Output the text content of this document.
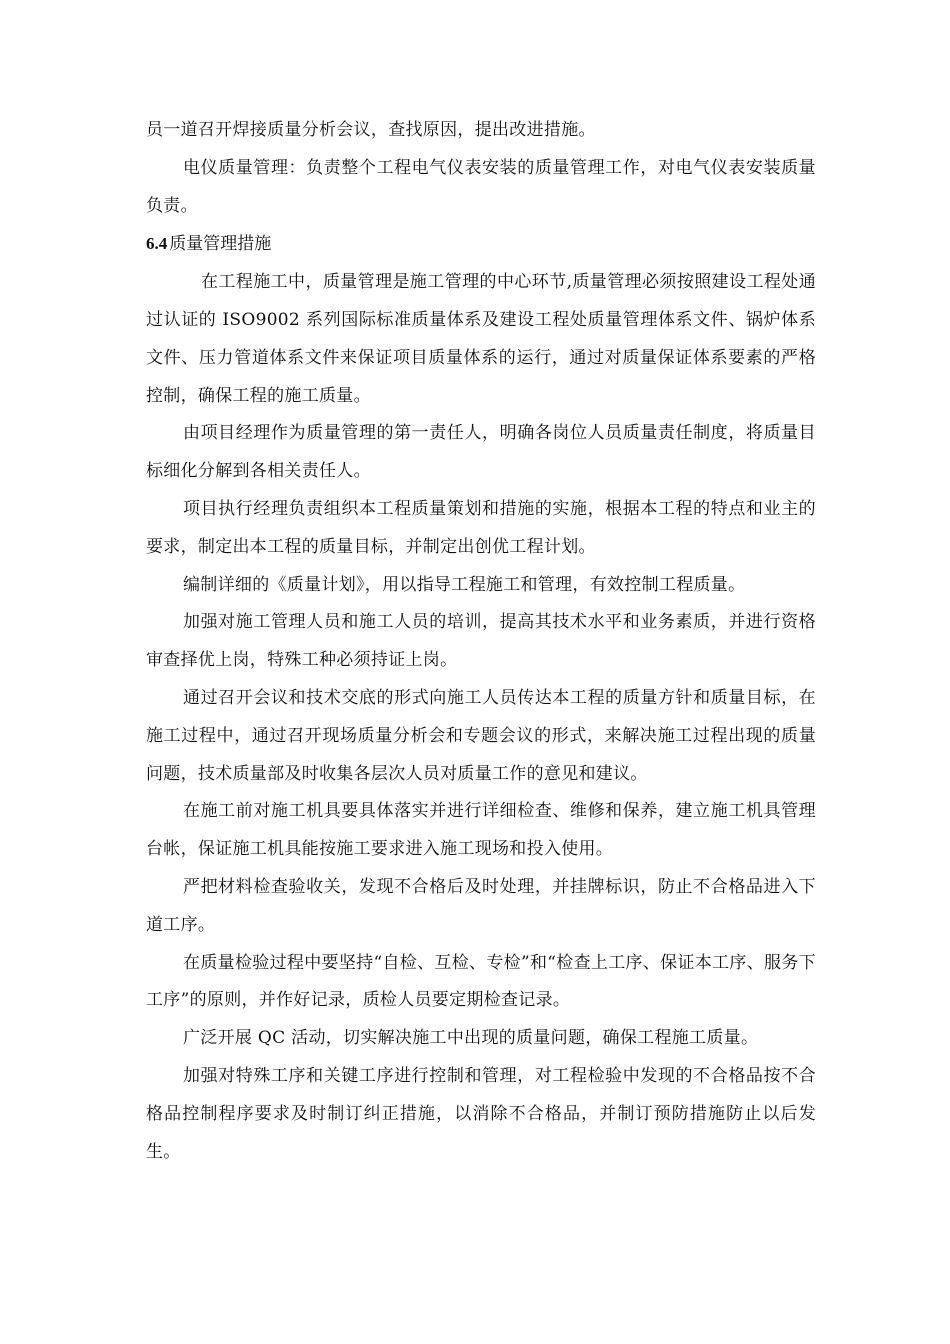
员一道召开焊接质量分析会议，查找原因，提出改进措施。

电仪质量管理：负责整个工程电气仪表安装的质量管理工作，对电气仪表安装质量负责。

6.4 质量管理措施

在工程施工中，质量管理是施工管理的中心环节,质量管理必须按照建设工程处通过认证的 ISO9002 系列国际标准质量体系及建设工程处质量管理体系文件、锅炉体系文件、压力管道体系文件来保证项目质量体系的运行，通过对质量保证体系要素的严格控制，确保工程的施工质量。

由项目经理作为质量管理的第一责任人，明确各岗位人员质量责任制度，将质量目标细化分解到各相关责任人。

项目执行经理负责组织本工程质量策划和措施的实施，根据本工程的特点和业主的要求，制定出本工程的质量目标，并制定出创优工程计划。

编制详细的《质量计划》，用以指导工程施工和管理，有效控制工程质量。

加强对施工管理人员和施工人员的培训，提高其技术水平和业务素质，并进行资格审查择优上岗，特殊工种必须持证上岗。

通过召开会议和技术交底的形式向施工人员传达本工程的质量方针和质量目标，在施工过程中，通过召开现场质量分析会和专题会议的形式，来解决施工过程出现的质量问题，技术质量部及时收集各层次人员对质量工作的意见和建议。

在施工前对施工机具要具体落实并进行详细检查、维修和保养，建立施工机具管理台帐，保证施工机具能按施工要求进入施工现场和投入使用。

严把材料检查验收关，发现不合格后及时处理，并挂牌标识，防止不合格品进入下道工序。

在质量检验过程中要坚持“自检、互检、专检”和“检查上工序、保证本工序、服务下工序”的原则，并作好记录，质检人员要定期检查记录。

广泛开展 QC 活动，切实解决施工中出现的质量问题，确保工程施工质量。

加强对特殊工序和关键工序进行控制和管理，对工程检验中发现的不合格品按不合格品控制程序要求及时制订纠正措施，以消除不合格品，并制订预防措施防止以后发生。
